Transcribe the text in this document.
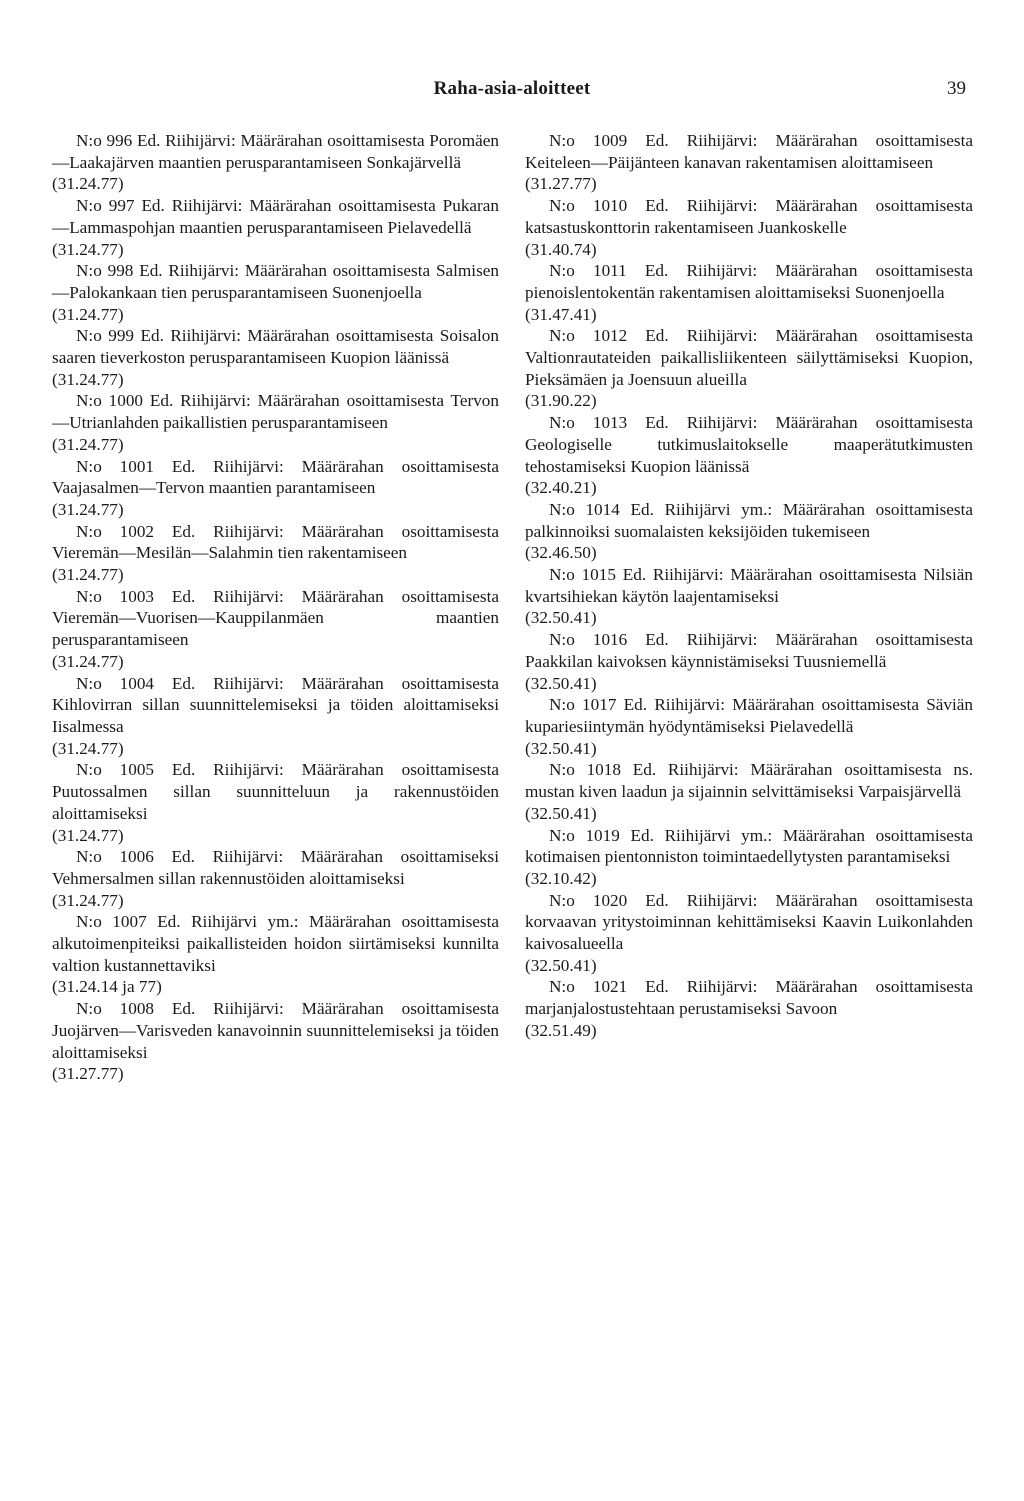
Raha-asia-aloitteet	39

N:o 996 Ed. Riihijärvi: Määrärahan osoittamisesta Poromäen—Laakajärven maantien perusparantamiseen Sonkajärvellä

(31.24.77)

N:o 997 Ed. Riihijärvi: Määrärahan osoittamisesta Pukaran—Lammaspohjan maantien perusparantamiseen Pielavedellä

(31.24.77)

N:o 998 Ed. Riihijärvi: Määrärahan osoittamisesta Salmisen—Palokankaan tien perusparantamiseen Suonenjoella

(31.24.77)

N:o 999 Ed. Riihijärvi: Määrärahan osoittamisesta Soisalon saaren tieverkoston perusparantamiseen Kuopion läänissä

(31.24.77)

N:o 1000 Ed. Riihijärvi: Määrärahan osoittamisesta Tervon—Utrianlahden paikallistien perusparantamiseen

(31.24.77)

N:o 1001 Ed. Riihijärvi: Määrärahan osoittamisesta Vaajasalmen—Tervon maantien parantamiseen

(31.24.77)

N:o 1002 Ed. Riihijärvi: Määrärahan osoittamisesta Vieremän—Mesilän—Salahmin tien rakentamiseen

(31.24.77)

N:o 1003 Ed. Riihijärvi: Määrärahan osoittamisesta Vieremän—Vuorisen—Kauppilanmäen maantien perusparantamiseen

(31.24.77)

N:o 1004 Ed. Riihijärvi: Määrärahan osoittamisesta Kihlovirran sillan suunnittelemiseksi ja töiden aloittamiseksi Iisalmessa

(31.24.77)

N:o 1005 Ed. Riihijärvi: Määrärahan osoittamisesta Puutossalmen sillan suunnitteluun ja rakennustöiden aloittamiseksi

(31.24.77)

N:o 1006 Ed. Riihijärvi: Määrärahan osoittamiseksi Vehmersalmen sillan rakennustöiden aloittamiseksi

(31.24.77)

N:o 1007 Ed. Riihijärvi ym.: Määrärahan osoittamisesta alkutoimenpiteiksi paikallisteiden hoidon siirtämiseksi kunnilta valtion kustannettaviksi

(31.24.14 ja 77)

N:o 1008 Ed. Riihijärvi: Määrärahan osoittamisesta Juojärven—Varisveden kanavoinnin suunnittelemiseksi ja töiden aloittamiseksi

(31.27.77)

N:o 1009 Ed. Riihijärvi: Määrärahan osoittamisesta Keiteleen—Päijänteen kanavan rakentamisen aloittamiseen

(31.27.77)

N:o 1010 Ed. Riihijärvi: Määrärahan osoittamisesta katsastuskonttorin rakentamiseen Juankoskelle

(31.40.74)

N:o 1011 Ed. Riihijärvi: Määrärahan osoittamisesta pienoislentokentän rakentamisen aloittamiseksi Suonenjoella

(31.47.41)

N:o 1012 Ed. Riihijärvi: Määrärahan osoittamisesta Valtionrautateiden paikallisliikenteen säilyttämiseksi Kuopion, Pieksämäen ja Joensuun alueilla

(31.90.22)

N:o 1013 Ed. Riihijärvi: Määrärahan osoittamisesta Geologiselle tutkimuslaitokselle maaperätutkimusten tehostamiseksi Kuopion läänissä

(32.40.21)

N:o 1014 Ed. Riihijärvi ym.: Määrärahan osoittamisesta palkinnoiksi suomalaisten keksijöiden tukemiseen

(32.46.50)

N:o 1015 Ed. Riihijärvi: Määrärahan osoittamisesta Nilsiän kvartsihiekan käytön laajentamiseksi

(32.50.41)

N:o 1016 Ed. Riihijärvi: Määrärahan osoittamisesta Paakkilan kaivoksen käynnistämiseksi Tuusniemellä

(32.50.41)

N:o 1017 Ed. Riihijärvi: Määrärahan osoittamisesta Säviän kupariesiintymän hyödyntämiseksi Pielavedellä

(32.50.41)

N:o 1018 Ed. Riihijärvi: Määrärahan osoittamisesta ns. mustan kiven laadun ja sijainnin selvittämiseksi Varpaisjärvellä

(32.50.41)

N:o 1019 Ed. Riihijärvi ym.: Määrärahan osoittamisesta kotimaisen pientonniston toimintaedellytysten parantamiseksi

(32.10.42)

N:o 1020 Ed. Riihijärvi: Määrärahan osoittamisesta korvaavan yritystoiminnan kehittämiseksi Kaavin Luikonlahden kaivosalueella

(32.50.41)

N:o 1021 Ed. Riihijärvi: Määrärahan osoittamisesta marjanjalostustehtaan perustamiseksi Savoon

(32.51.49)
